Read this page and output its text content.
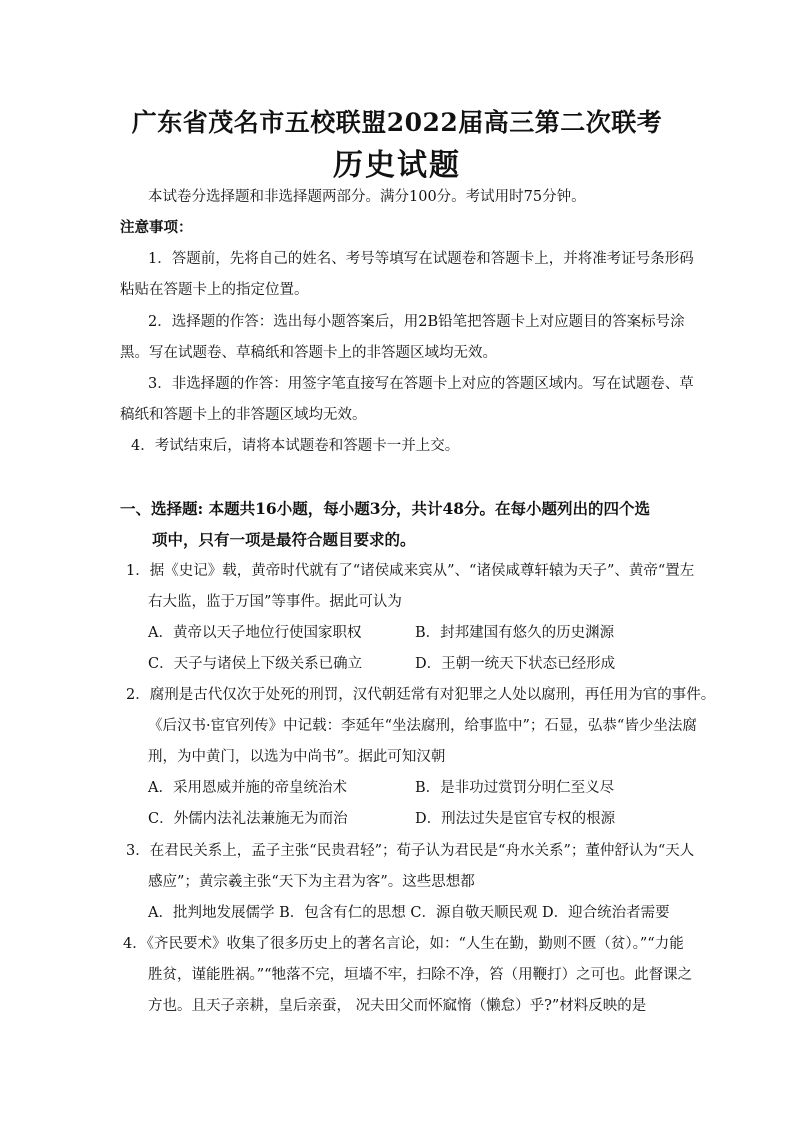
广东省茂名市五校联盟2022届高三第二次联考
历史试题
本试卷分选择题和非选择题两部分。满分100分。考试用时75分钟。
注意事项：
1．答题前，先将自己的姓名、考号等填写在试题卷和答题卡上，并将准考证号条形码
粘贴在答题卡上的指定位置。
2．选择题的作答：选出每小题答案后，用2B铅笔把答题卡上对应题目的答案标号涂
黑。写在试题卷、草稿纸和答题卡上的非答题区域均无效。
3．非选择题的作答：用签字笔直接写在答题卡上对应的答题区域内。写在试题卷、草
稿纸和答题卡上的非答题区域均无效。
4．考试结束后，请将本试题卷和答题卡一并上交。
一、选择题: 本题共16小题，每小题3分，共计48分。在每小题列出的四个选
项中，只有一项是最符合题目要求的。
1．据《史记》载，黄帝时代就有了“诸侯咸来宾从”、“诸侯咸尊轩辕为天子”、黄帝“置左
右大监，监于万国”等事件。据此可认为
A．黄帝以天子地位行使国家职权	B．封邦建国有悠久的历史渊源
C．天子与诸侯上下级关系已确立	D．王朝一统天下状态已经形成
2．腐刑是古代仅次于处死的刑罚，汉代朝廷常有对犯罪之人处以腐刑，再任用为官的事件。
《后汉书·宦官列传》中记载：李延年“坐法腐刑，给事监中”；石显，弘恭“皆少坐法腐
刑，为中黄门，以选为中尚书”。据此可知汉朝
A．采用恩威并施的帝皇统治术	B．是非功过赏罚分明仁至义尽
C．外儒内法礼法兼施无为而治	D．刑法过失是宦官专权的根源
3．在君民关系上，孟子主张“民贵君轻”；荀子认为君民是“舟水关系”；董仲舒认为“天人
感应”；黄宗羲主张“天下为主君为客”。这些思想都
A．批判地发展儒学 B．包含有仁的思想 C．源自敬天顺民观 D．迎合统治者需要
4．《齐民要术》收集了很多历史上的著名言论，如：“人生在勤，勤则不匮（贫）。”“力能
胜贫，谨能胜祸。”“牠落不完，垣墙不牢，扫除不净，笞（用鞭打）之可也。此督课之
方也。且天子亲耕，皇后亲蚕， 况夫田父而怀窳惰（懒怠）乎?”材料反映的是
